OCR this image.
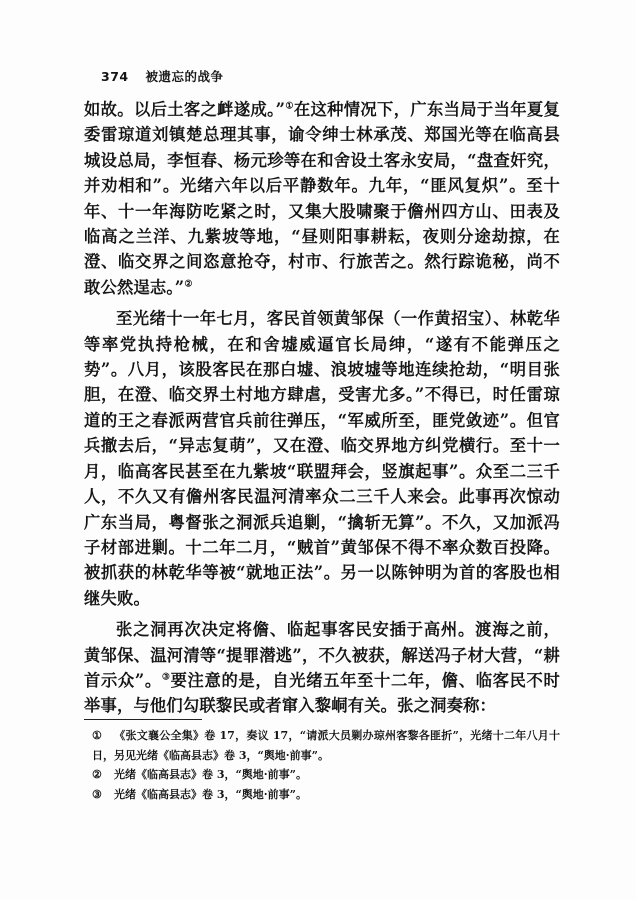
374 被遗忘的战争

如故。以后土客之衅遂成。”①在这种情况下，广东当局于当年夏复委雷琼道刘镇楚总理其事，谕令绅士林承茂、郑国光等在临高县城设总局，李恒春、杨元珍等在和舍设土客永安局，“盘查奸究，并劝相和”。光绪六年以后平静数年。九年，“匪风复炽”。至十年、十一年海防吃紧之时，又集大股啸聚于儋州四方山、田表及临高之兰洋、九紫坡等地，“昼则阳事耕耘，夜则分途劫掠，在澄、临交界之间恣意抢夺，村市、行旅苦之。然行踪诡秘，尚不敢公然逞志。”②

至光绪十一年七月，客民首领黄邹保（一作黄招宝）、林乾华等率党执持枪械，在和舍墟威逼官长局绅，“遂有不能弹压之势”。八月，该股客民在那白墟、浪坡墟等地连续抢劫，“明目张胆，在澄、临交界土村地方肆虐，受害尤多。”不得已，时任雷琼道的王之春派两营官兵前往弹压，“军威所至，匪党敛迹”。但官兵撤去后，“异志复萌”，又在澄、临交界地方纠党横行。至十一月，临高客民甚至在九紫坡“联盟拜会，竖旗起事”。众至二三千人，不久又有儋州客民温河清率众二三千人来会。此事再次惊动广东当局，粤督张之洞派兵追剿，“擒斩无算”。不久，又加派冯子材部进剿。十二年二月，“贼首”黄邹保不得不率众数百投降。被抓获的林乾华等被“就地正法”。另一以陈钟明为首的客股也相继失败。

张之洞再次决定将儋、临起事客民安插于高州。渡海之前，黄邹保、温河清等“提罪潜逃”，不久被获，解送冯子材大营，“耕首示众”。③要注意的是，自光绪五年至十二年，儋、临客民不时举事，与他们勾联黎民或者窜入黎峒有关。张之洞奏称：

① 《张文襄公全集》卷 17，奏议 17，“请派大员剿办琼州客黎各匪折”，光绪十二年八月十日，另见光绪《临高县志》卷 3，“舆地·前事”。

② 光绪《临高县志》卷 3，“舆地·前事”。

③ 光绪《临高县志》卷 3，“舆地·前事”。
